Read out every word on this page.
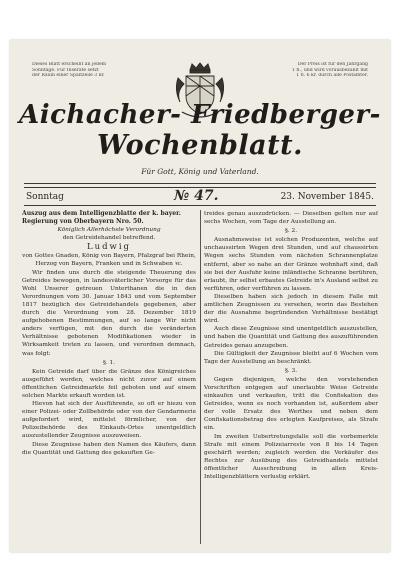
Dieses Blatt erscheint an jedem
Sonntage. Für Inserate setzt
der Raum einer Spaltzeile 3 kr.
Der Preis ist für den Jahrgang
1 fl., und wird vorausbezahlt mit
1 fl. 6 kr. durch alle Postämter.
Aichacher- Friedberger-
Wochenblatt.
Für Gott, König und Vaterland.
Sonntag	№ 47.	23. November 1845.

Auszug aus dem Intelligenzblatte der k. bayer. Regierung von Oberbayern Nro. 50.

Königlich Allerhöchste Verordnung

den Getreidehandel betreffend.

Ludwig

von Gottes Gnaden, König von Bayern, Pfalzgraf bei Rhein,

Herzog von Bayern, Franken und in Schwaben ꝛc.

Wir finden uns durch die steigende Theuerung des Getreides bewogen, in landesväterlicher Vorsorge für das Wohl Unserer getreuen Unterthanen die in den Verordnungen vom 30. Januar 1843 und vom September 1817 bezüglich des Getreidehandels gegebenen, aber durch die Verordnung vom 28. Dezember 1819 aufgehobenen Bestimmungen, auf so lange Wir nicht anders verfügen, mit den durch die veränderten Verhältnisse gebotenen Modifikationen wieder in Wirksamkeit treten zu lassen, und verordnen demnach, was folgt:

§. 1.

Kein Getreide darf über die Gränze des Königreiches ausgeführt werden, welches nicht zuvor auf einem öffentlichen Getreidmarkte feil geboten und auf einem solchen Markte erkauft worden ist.

Hievon hat sich der Ausführende, so oft er hiezu von einer Polizei- oder Zollbehörde oder von der Gendarmerie aufgefordert wird, mittelst förmlicher, von der Polizeibehörde des Einkaufs-Ortes unentgeldlich auszustellender Zeugnisse auszuweisen.

Diese Zeugnisse haben den Namen des Käufers, dann die Quantität und Gattung des gekauften Ge-

treides genau auszudrücken. — Dieselben gelten nur auf sechs Wochen, vom Tage der Ausstellung an.

§. 2.

Ausnahmsweise ist solchen Produzenten, welche auf unchaussirten Wegen drei Stunden, und auf chaussirten Wegen sechs Stunden vom nächsten Schrannenplatze entfernt, aber so nahe an der Gränze wohnhaft sind, daß sie bei der Ausfuhr keine inländische Schranne berühren, erlaubt, ihr selbst erbautes Getreide in's Ausland selbst zu verführen, oder verführen zu lassen.

Dieselben haben sich jedoch in diesem Falle mit amtlichen Zeugnissen zu versehen, worin das Bestehen der die Ausnahme begründenden Verhältnisse bestätigt wird.

Auch diese Zeugnisse sind unentgeldlich auszustellen, und haben die Quantität und Gattung des auszuführenden Getreides genau anzugeben.

Die Gültigkeit der Zeugnisse bleibt auf 6 Wochen vom Tage der Ausstellung an beschränkt.

§. 3.

Gegen diejenigen, welche den vorstehenden Vorschriften entgegen auf unerlaubte Weise Getreide einkaufen und verkaufen, tritt die Confiskation des Getreides, wenn es noch vorhanden ist, außerdem aber der volle Ersatz des Werthes und neben dem Confiskationsbetrag des erlegten Kaufpreises, als Strafe ein.

Im zweiten Uebertretungsfalle soll die vorbemerkte Strafe mit einem Polizeiarreste von 8 bis 14 Tagen geschärft werden; zugleich werden die Verkäufer des Rechtes zur Ausübung des Getreidhandels mittelst öffentlicher Ausschreibung in allen Kreis-Intelligenzblättern verlustig erklärt.
